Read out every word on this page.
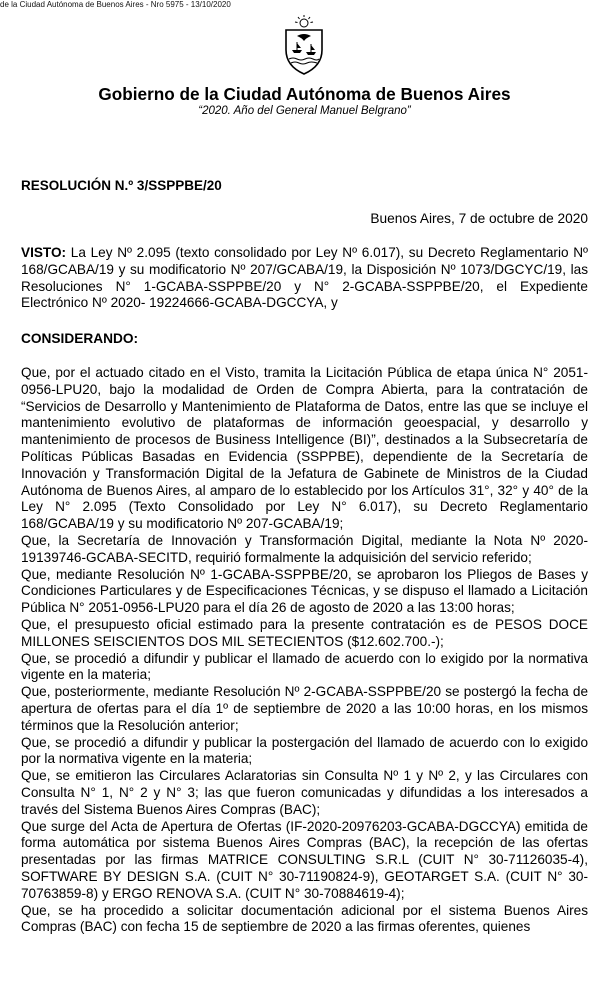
de la Ciudad Autónoma de Buenos Aires - Nro 5975 - 13/10/2020
Gobierno de la Ciudad Autónoma de Buenos Aires
“2020. Año del General Manuel Belgrano”
RESOLUCIÓN N.º 3/SSPPBE/20
Buenos Aires, 7 de octubre de 2020

VISTO: La Ley Nº 2.095 (texto consolidado por Ley Nº 6.017), su Decreto Reglamentario Nº 168/GCABA/19 y su modificatorio Nº 207/GCABA/19, la Disposición Nº 1073/DGCYC/19, las Resoluciones N° 1-GCABA-SSPPBE/20 y N° 2-GCABA-SSPPBE/20, el Expediente Electrónico Nº 2020- 19224666-GCABA-DGCCYA, y

CONSIDERANDO:

Que, por el actuado citado en el Visto, tramita la Licitación Pública de etapa única N° 2051-0956-LPU20, bajo la modalidad de Orden de Compra Abierta, para la contratación de “Servicios de Desarrollo y Mantenimiento de Plataforma de Datos, entre las que se incluye el mantenimiento evolutivo de plataformas de información geoespacial, y desarrollo y mantenimiento de procesos de Business Intelligence (BI)”, destinados a la Subsecretaría de Políticas Públicas Basadas en Evidencia (SSPPBE), dependiente de la Secretaría de Innovación y Transformación Digital de la Jefatura de Gabinete de Ministros de la Ciudad Autónoma de Buenos Aires, al amparo de lo establecido por los Artículos 31°, 32° y 40° de la Ley N° 2.095 (Texto Consolidado por Ley N° 6.017), su Decreto Reglamentario 168/GCABA/19 y su modificatorio Nº 207-GCABA/19;

Que, la Secretaría de Innovación y Transformación Digital, mediante la Nota Nº 2020-19139746-GCABA-SECITD, requirió formalmente la adquisición del servicio referido;

Que, mediante Resolución Nº 1-GCABA-SSPPBE/20, se aprobaron los Pliegos de Bases y Condiciones Particulares y de Especificaciones Técnicas, y se dispuso el llamado a Licitación Pública N° 2051-0956-LPU20 para el día 26 de agosto de 2020 a las 13:00 horas;

Que, el presupuesto oficial estimado para la presente contratación es de PESOS DOCE MILLONES SEISCIENTOS DOS MIL SETECIENTOS ($12.602.700.-);

Que, se procedió a difundir y publicar el llamado de acuerdo con lo exigido por la normativa vigente en la materia;

Que, posteriormente, mediante Resolución Nº 2-GCABA-SSPPBE/20 se postergó la fecha de apertura de ofertas para el día 1º de septiembre de 2020 a las 10:00 horas, en los mismos términos que la Resolución anterior;

Que, se procedió a difundir y publicar la postergación del llamado de acuerdo con lo exigido por la normativa vigente en la materia;

Que, se emitieron las Circulares Aclaratorias sin Consulta Nº 1 y Nº 2, y las Circulares con Consulta N° 1, N° 2 y N° 3; las que fueron comunicadas y difundidas a los interesados a través del Sistema Buenos Aires Compras (BAC);

Que surge del Acta de Apertura de Ofertas (IF-2020-20976203-GCABA-DGCCYA) emitida de forma automática por sistema Buenos Aires Compras (BAC), la recepción de las ofertas presentadas por las firmas MATRICE CONSULTING S.R.L (CUIT N° 30-71126035-4), SOFTWARE BY DESIGN S.A. (CUIT N° 30-71190824-9), GEOTARGET S.A. (CUIT N° 30-70763859-8) y ERGO RENOVA S.A. (CUIT N° 30-70884619-4);

Que, se ha procedido a solicitar documentación adicional por el sistema Buenos Aires Compras (BAC) con fecha 15 de septiembre de 2020 a las firmas oferentes, quienes
